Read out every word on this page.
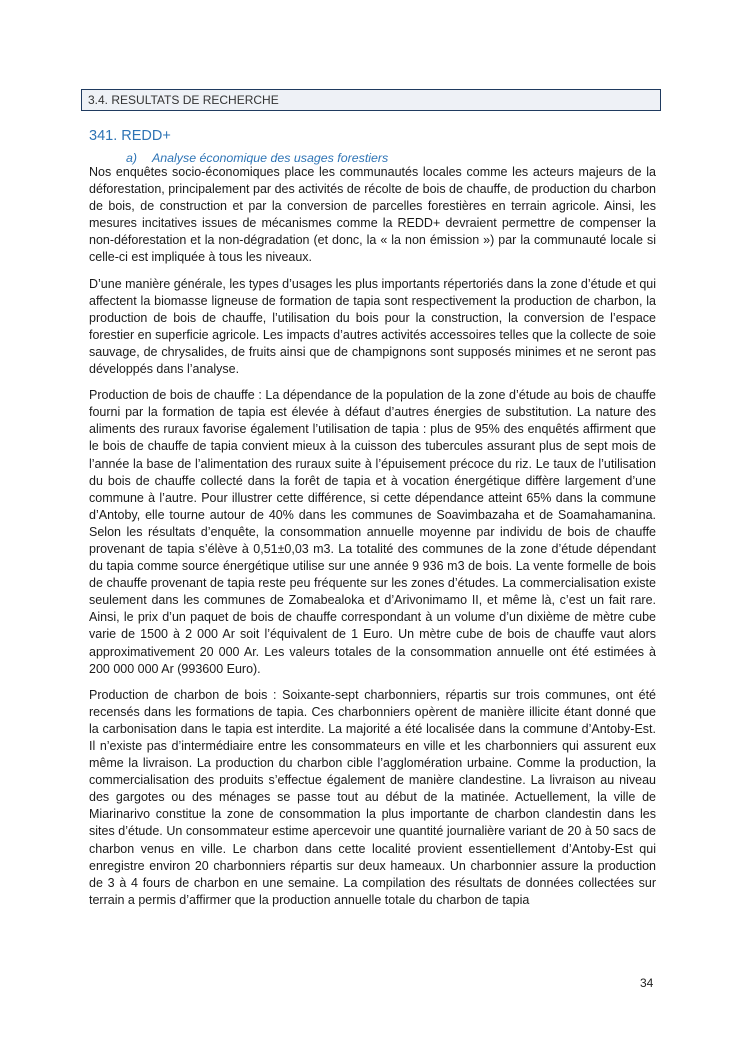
3.4. RESULTATS DE RECHERCHE
341. REDD+
a) Analyse économique des usages forestiers

Nos enquêtes socio-économiques place les communautés locales comme les acteurs majeurs de la déforestation, principalement par des activités de récolte de bois de chauffe, de production du charbon de bois, de construction et par la conversion de parcelles forestières en terrain agricole. Ainsi, les mesures incitatives issues de mécanismes comme la REDD+ devraient permettre de compenser la non-déforestation et la non-dégradation (et donc, la « la non émission ») par la communauté locale si celle-ci est impliquée à tous les niveaux.

D’une manière générale, les types d’usages les plus importants répertoriés dans la zone d’étude et qui affectent la biomasse ligneuse de formation de tapia sont respectivement la production de charbon, la production de bois de chauffe, l’utilisation du bois pour la construction, la conversion de l’espace forestier en superficie agricole. Les impacts d’autres activités accessoires telles que la collecte de soie sauvage, de chrysalides, de fruits ainsi que de champignons sont supposés minimes et ne seront pas développés dans l’analyse.

Production de bois de chauffe : La dépendance de la population de la zone d’étude au bois de chauffe fourni par la formation de tapia est élevée à défaut d’autres énergies de substitution. La nature des aliments des ruraux favorise également l’utilisation de tapia : plus de 95% des enquêtés affirment que le bois de chauffe de tapia convient mieux à la cuisson des tubercules assurant plus de sept mois de l’année la base de l’alimentation des ruraux suite à l’épuisement précoce du riz. Le taux de l’utilisation du bois de chauffe collecté dans la forêt de tapia et à vocation énergétique diffère largement d’une commune à l’autre. Pour illustrer cette différence, si cette dépendance atteint 65% dans la commune d’Antoby, elle tourne autour de 40% dans les communes de Soavimbazaha et de Soamahamanina. Selon les résultats d’enquête, la consommation annuelle moyenne par individu de bois de chauffe provenant de tapia s’élève à 0,51±0,03 m3. La totalité des communes de la zone d’étude dépendant du tapia comme source énergétique utilise sur une année 9 936 m3 de bois. La vente formelle de bois de chauffe provenant de tapia reste peu fréquente sur les zones d’études. La commercialisation existe seulement dans les communes de Zomabealoka et d’Arivonimamo II, et même là, c’est un fait rare. Ainsi, le prix d’un paquet de bois de chauffe correspondant à un volume d’un dixième de mètre cube varie de 1500 à 2 000 Ar soit l’équivalent de 1 Euro. Un mètre cube de bois de chauffe vaut alors approximativement 20 000 Ar. Les valeurs totales de la consommation annuelle ont été estimées à 200 000 000 Ar (993600 Euro).

Production de charbon de bois : Soixante-sept charbonniers, répartis sur trois communes, ont été recensés dans les formations de tapia. Ces charbonniers opèrent de manière illicite étant donné que la carbonisation dans le tapia est interdite. La majorité a été localisée dans la commune d’Antoby-Est. Il n’existe pas d’intermédiaire entre les consommateurs en ville et les charbonniers qui assurent eux même la livraison. La production du charbon cible l’agglomération urbaine. Comme la production, la commercialisation des produits s’effectue également de manière clandestine. La livraison au niveau des gargotes ou des ménages se passe tout au début de la matinée. Actuellement, la ville de Miarinarivo constitue la zone de consommation la plus importante de charbon clandestin dans les sites d’étude. Un consommateur estime apercevoir une quantité journalière variant de 20 à 50 sacs de charbon venus en ville. Le charbon dans cette localité provient essentiellement d’Antoby-Est qui enregistre environ 20 charbonniers répartis sur deux hameaux. Un charbonnier assure la production de 3 à 4 fours de charbon en une semaine. La compilation des résultats de données collectées sur terrain a permis d’affirmer que la production annuelle totale du charbon de tapia

34
